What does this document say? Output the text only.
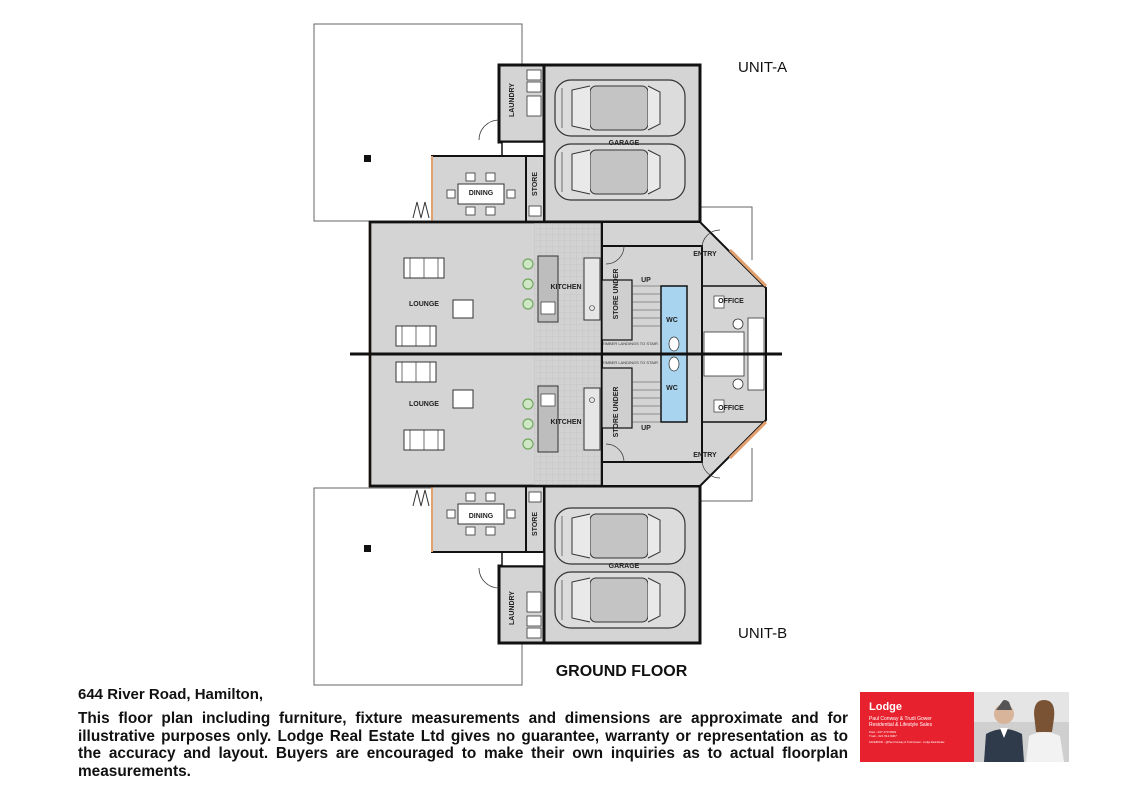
LAUNDRY
GARAGE
STORE
DINING
LOUNGE
KITCHEN	STORE UNDER	UP
WC
ENTRY
OFFICE
TIMBER LANDINGS TO STAIR
LAUNDRY
GARAGE
STORE
DINING
LOUNGE
KITCHEN	STORE UNDER	UP
WC
ENTRY
OFFICE
TIMBER LANDINGS TO STAIR
UNIT-A
UNIT-B
GROUND FLOOR
644 River Road, Hamilton,
This floor plan including furniture, fixture measurements and dimensions are approximate and for illustrative purposes only. Lodge Real Estate Ltd gives no guarantee, warranty or representation as to the accuracy and layout. Buyers are encouraged to make their own inquiries as to actual floorplan measurements.
Lodge
Paul Conway & Trudi Gower
Residential & Lifestyle Sales
Paul - 027 270 5609
Trudi - 021 512 6067
FACEBOOK - @Paul Conway & Trudi Gower - Lodge Real Estate
